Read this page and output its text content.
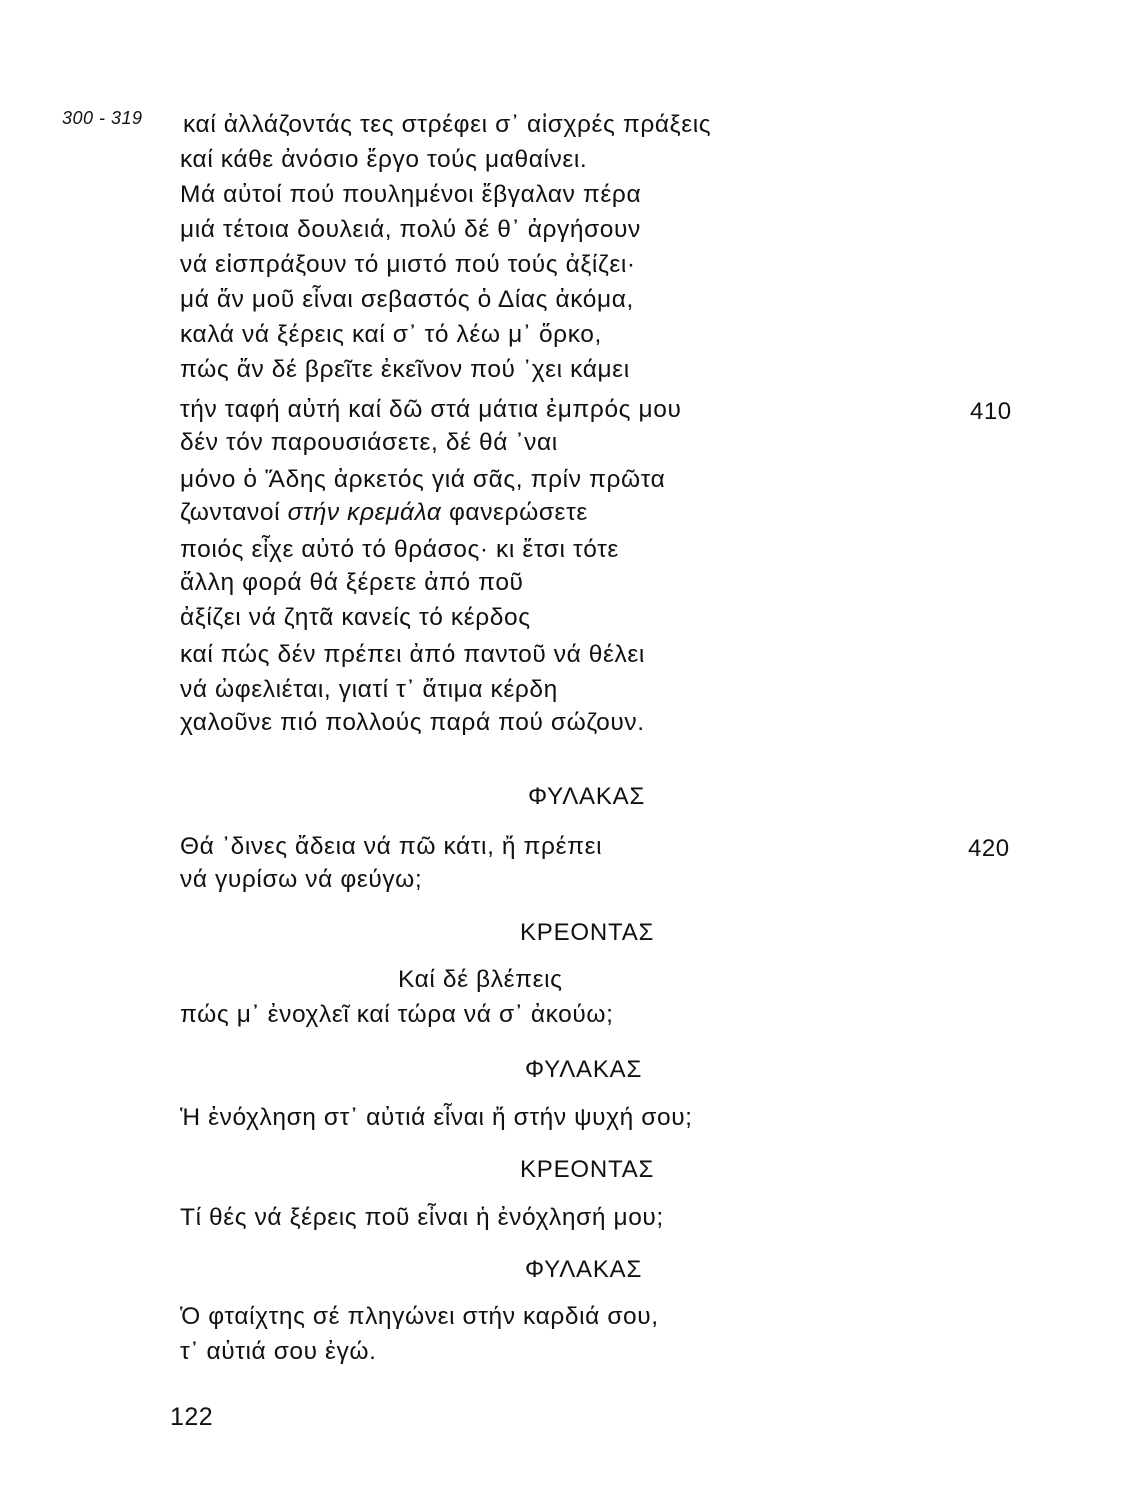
300 - 319 καί ἀλλάζοντάς τες στρέφει σ᾽ αἰσχρές πράξεις
καί κάθε ἀνόσιο ἔργο τούς μαθαίνει.
Μά αὐτοί πού πουλημένοι ἔβγαλαν πέρα
μιά τέτοια δουλειά, πολύ δέ θ᾽ ἀργήσουν
νά εἰσπράξουν τό μιστό πού τούς ἀξίζει·
μά ἄν μοῦ εἶναι σεβαστός ὁ Δίας ἀκόμα,
καλά νά ξέρεις καί σ᾽ τό λέω μ᾽ ὅρκο,
πώς ἄν δέ βρεῖτε ἐκεῖνον πού ᾽χει κάμει
τήν ταφή αὐτή καί δῶ στά μάτια ἐμπρός μου	410
δέν τόν παρουσιάσετε, δέ θά ᾽ναι
μόνο ὁ Ἅδης ἀρκετός γιά σᾶς, πρίν πρῶτα
ζωντανοί στήν κρεμάλα φανερώσετε
ποιός εἶχε αὐτό τό θράσος· κι ἔτσι τότε
ἄλλη φορά θά ξέρετε ἀπό ποῦ
ἀξίζει νά ζητᾶ κανείς τό κέρδος
καί πώς δέν πρέπει ἀπό παντοῦ νά θέλει
νά ὠφελιέται, γιατί τ᾽ ἄτιμα κέρδη
χαλοῦνε πιό πολλούς παρά πού σώζουν.
ΦΥΛΑΚΑΣ
Θά ᾽δινες ἄδεια νά πῶ κάτι, ἤ πρέπει	420
νά γυρίσω νά φεύγω;
ΚΡΕΟΝΤΑΣ
Καί δέ βλέπεις
πώς μ᾽ ἐνοχλεῖ καί τώρα νά σ᾽ ἀκούω;
ΦΥΛΑΚΑΣ
Ἡ ἐνόχληση στ᾽ αὐτιά εἶναι ἤ στήν ψυχή σου;
ΚΡΕΟΝΤΑΣ
Τί θές νά ξέρεις ποῦ εἶναι ἡ ἐνόχλησή μου;
ΦΥΛΑΚΑΣ
Ὁ φταίχτης σέ πληγώνει στήν καρδιά σου,
τ᾽ αὐτιά σου ἐγώ.
122
